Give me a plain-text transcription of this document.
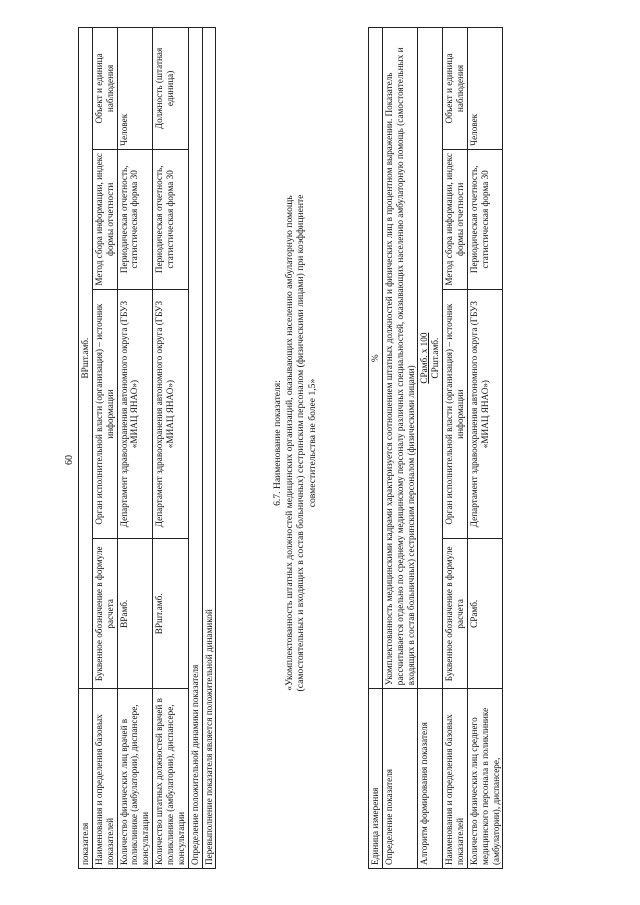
60
показателя	ВРшт.амб.			
Наименования и определения базовых показателей	Буквенное обозначение в формуле расчета	Орган исполнительной власти (организация) – источник информации	Метод сбора информации, индекс формы отчетности	Объект и единица наблюдения
Количество физических лиц врачей в поликлинике (амбулатории), диспансере, консультации	ВРамб.	Департамент здравоохранения автономного округа (ГБУЗ «МИАЦ ЯНАО»)	Периодическая отчетность, статистическая форма 30	Человек
Количество штатных должностей врачей в поликлинике (амбулатории), диспансере, консультации	ВРшт.амб.	Департамент здравоохранения автономного округа (ГБУЗ «МИАЦ ЯНАО»)	Периодическая отчетность, статистическая форма 30	Должность (штатная единица)
Определение положительной динамики показателя				
Перевыполнение показателя является положительной динамикой				
6.7. Наименование показателя: «Укомплектованность штатных должностей медицинских организаций, оказывающих населению амбулаторную помощь (самостоятельных и входящих в состав больничных) сестринским персоналом (физическими лицами) при коэффициенте совместительства не более 1,5»
Единица измерения	%			
Определение показателя	Укомплектованность медицинскими кадрами характеризуется соотношением штатных должностей и физических лиц в процентном выражении. Показатель рассчитывается отдельно по среднему медицинскому персоналу различных специальностей, оказывающих населению амбулаторную помощь (самостоятельных и входящих в состав больничных) сестринским персоналом (физическими лицами)			
Алгоритм формирования показателя	СРамб. х 100 СРшт.амб.			

Наименования и определения базовых показателей	Буквенное обозначение в формуле расчета	Орган исполнительной власти (организация) – источник информации	Метод сбора информации, индекс формы отчетности	Объект и единица наблюдения
Количество физических лиц среднего медицинского персонала в поликлинике (амбулатории), диспансере,	СРамб.	Департамент здравоохранения автономного округа (ГБУЗ «МИАЦ ЯНАО»)	Периодическая отчетность, статистическая форма 30	Человек
